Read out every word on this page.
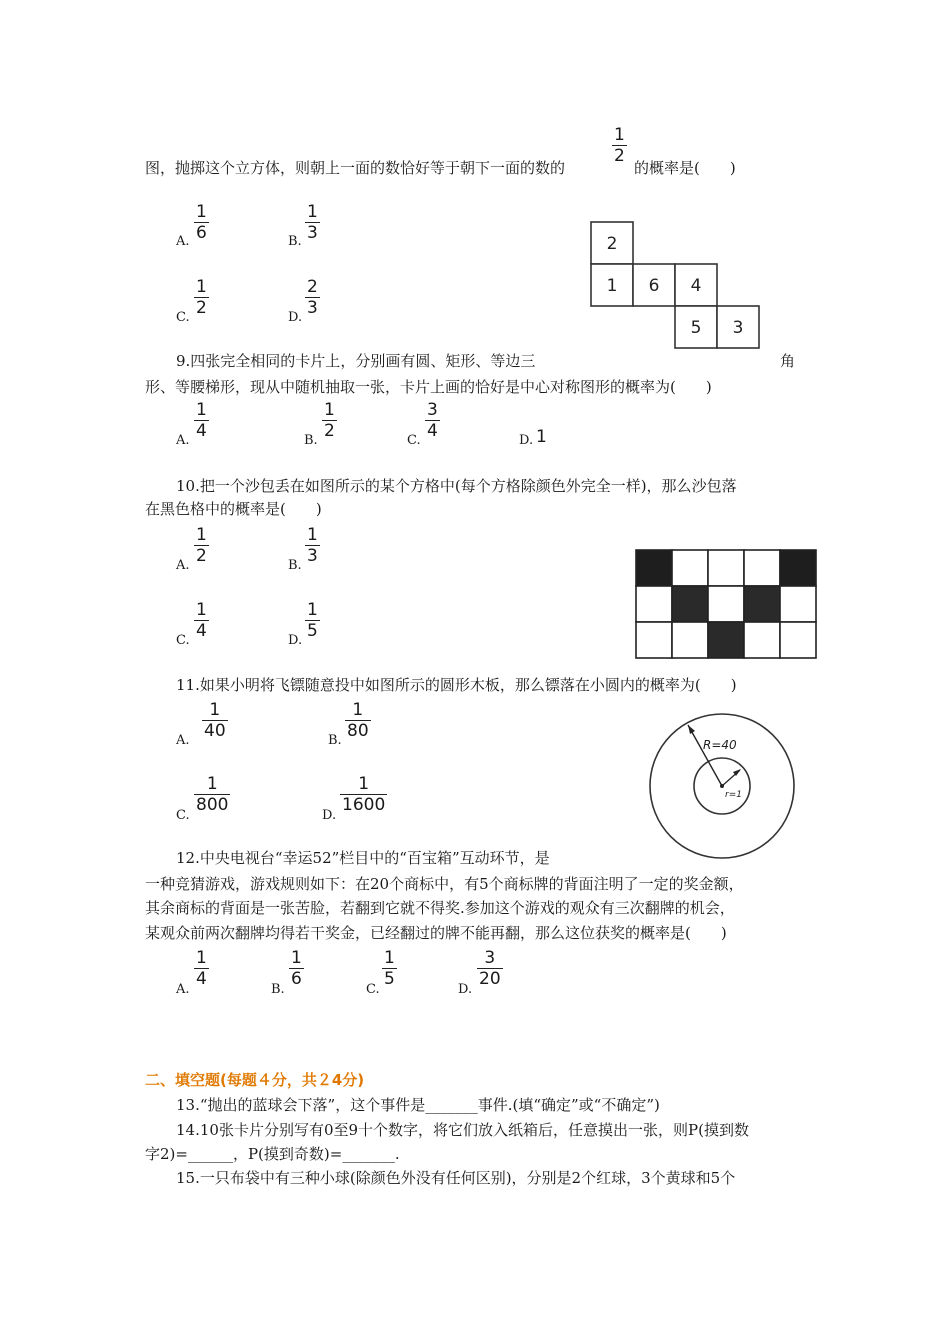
$\frac{1}{2}$
图，抛掷这个立方体，则朝上一面的数恰好等于朝下一面的数的	的概率是(　　)
A. $\frac{1}{6}$	B. $\frac{1}{3}$
C. $\frac{1}{2}$	D. $\frac{2}{3}$
2
1 6 4
5 3
9.四张完全相同的卡片上，分别画有圆、矩形、等边三	角
形、等腰梯形，现从中随机抽取一张，卡片上画的恰好是中心对称图形的概率为(　　)
A. $\frac{1}{4}$	B. $\frac{1}{2}$	C. $\frac{3}{4}$	D. 1
10.把一个沙包丢在如图所示的某个方格中(每个方格除颜色外完全一样)，那么沙包落
在黑色格中的概率是(　　)
A. $\frac{1}{2}$	B. $\frac{1}{3}$
C. $\frac{1}{4}$	D. $\frac{1}{5}$
11.如果小明将飞镖随意投中如图所示的圆形木板，那么镖落在小圆内的概率为(　　)
A. $\frac{1}{40}$	B. $\frac{1}{80}$
C.
$\frac{1}{800}$
D.
$\frac{1}{1600}$
R=40
r=1
12.中央电视台“幸运52”栏目中的“百宝箱”互动环节，是
一种竞猜游戏，游戏规则如下：在20个商标中，有5个商标牌的背面注明了一定的奖金额，
其余商标的背面是一张苦脸，若翻到它就不得奖.参加这个游戏的观众有三次翻牌的机会，
某观众前两次翻牌均得若干奖金，已经翻过的牌不能再翻，那么这位获奖的概率是(　　)
A.
$\frac{1}{4}$
B.
$\frac{1}{6}$
C.
$\frac{1}{5}$
D.
$\frac{3}{20}$
二、填空题(每题４分，共２4分)
13.“抛出的蓝球会下落”，这个事件是_______事件.(填“确定”或“不确定”)
14.10张卡片分别写有0至9十个数字，将它们放入纸箱后，任意摸出一张，则P(摸到数
字2)=______，P(摸到奇数)=_______.
15.一只布袋中有三种小球(除颜色外没有任何区别)，分别是2个红球，3个黄球和5个
